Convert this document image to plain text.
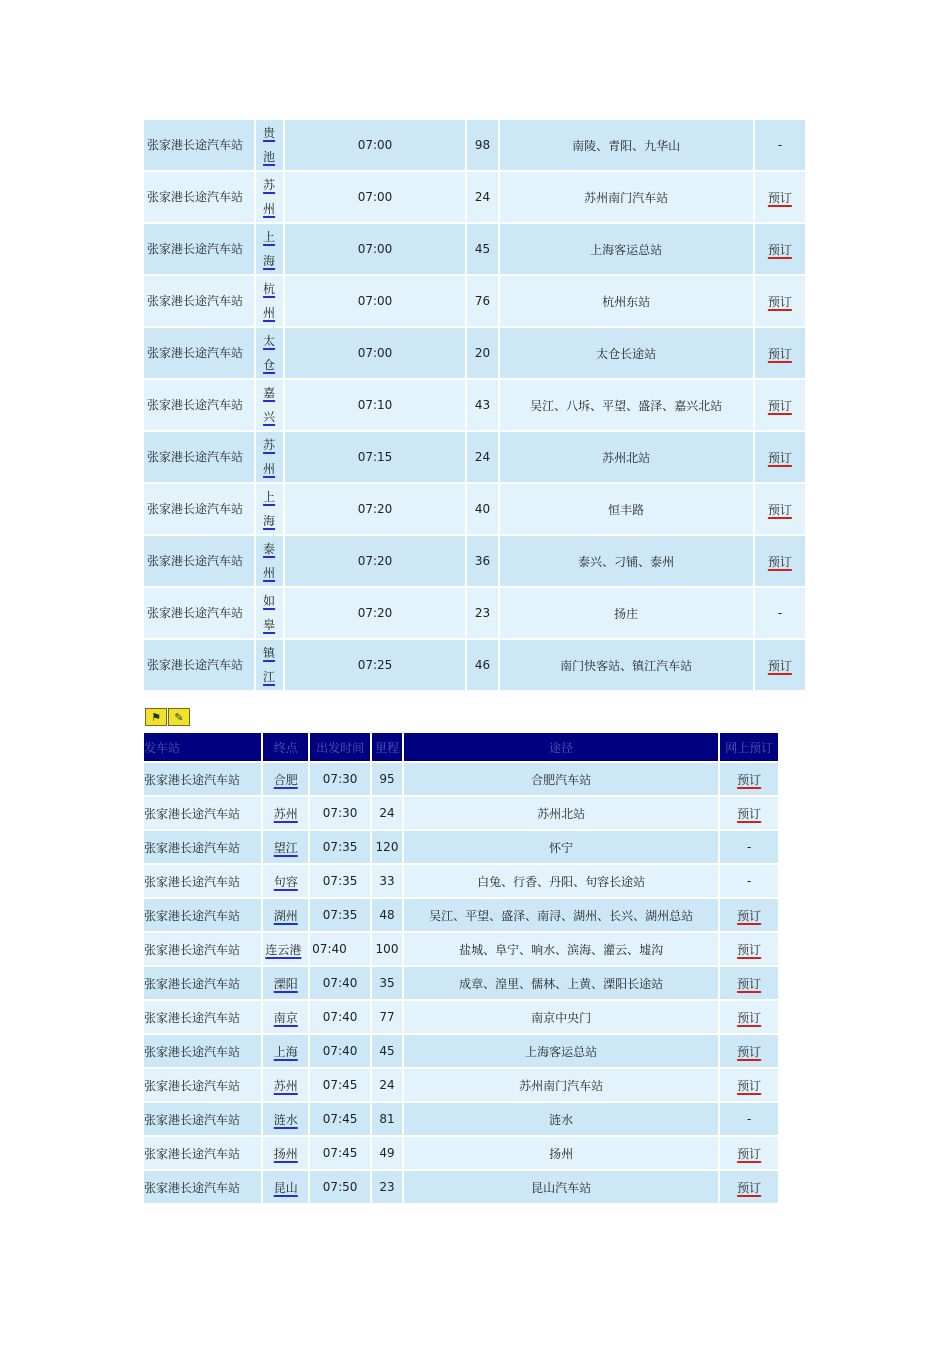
张家港长途汽车站	贵池	07:00	98	南陵、青阳、九华山	-
张家港长途汽车站	苏州	07:00	24	苏州南门汽车站	预订
张家港长途汽车站	上海	07:00	45	上海客运总站	预订
张家港长途汽车站	杭州	07:00	76	杭州东站	预订
张家港长途汽车站	太仓	07:00	20	太仓长途站	预订
张家港长途汽车站	嘉兴	07:10	43	吴江、八坼、平望、盛泽、嘉兴北站	预订
张家港长途汽车站	苏州	07:15	24	苏州北站	预订
张家港长途汽车站	上海	07:20	40	恒丰路	预订
张家港长途汽车站	泰州	07:20	36	泰兴、刁铺、泰州	预订
张家港长途汽车站	如皋	07:20	23	扬庄	-
张家港长途汽车站	镇江	07:25	46	南门快客站、镇江汽车站	预订
⚑	✎
发车站	终点	出发时间	里程	途径	网上预订
张家港长途汽车站	合肥	07:30	95	合肥汽车站	预订
张家港长途汽车站	苏州	07:30	24	苏州北站	预订
张家港长途汽车站	望江	07:35	120	怀宁	-
张家港长途汽车站	句容	07:35	33	白兔、行香、丹阳、句容长途站	-
张家港长途汽车站	湖州	07:35	48	吴江、平望、盛泽、南浔、湖州、长兴、湖州总站	预订
张家港长途汽车站	连云港	07:40	100	盐城、阜宁、响水、滨海、灌云、墟沟	预订
张家港长途汽车站	溧阳	07:40	35	成章、湟里、儒林、上黄、溧阳长途站	预订
张家港长途汽车站	南京	07:40	77	南京中央门	预订
张家港长途汽车站	上海	07:40	45	上海客运总站	预订
张家港长途汽车站	苏州	07:45	24	苏州南门汽车站	预订
张家港长途汽车站	涟水	07:45	81	涟水	-
张家港长途汽车站	扬州	07:45	49	扬州	预订
张家港长途汽车站	昆山	07:50	23	昆山汽车站	预订
